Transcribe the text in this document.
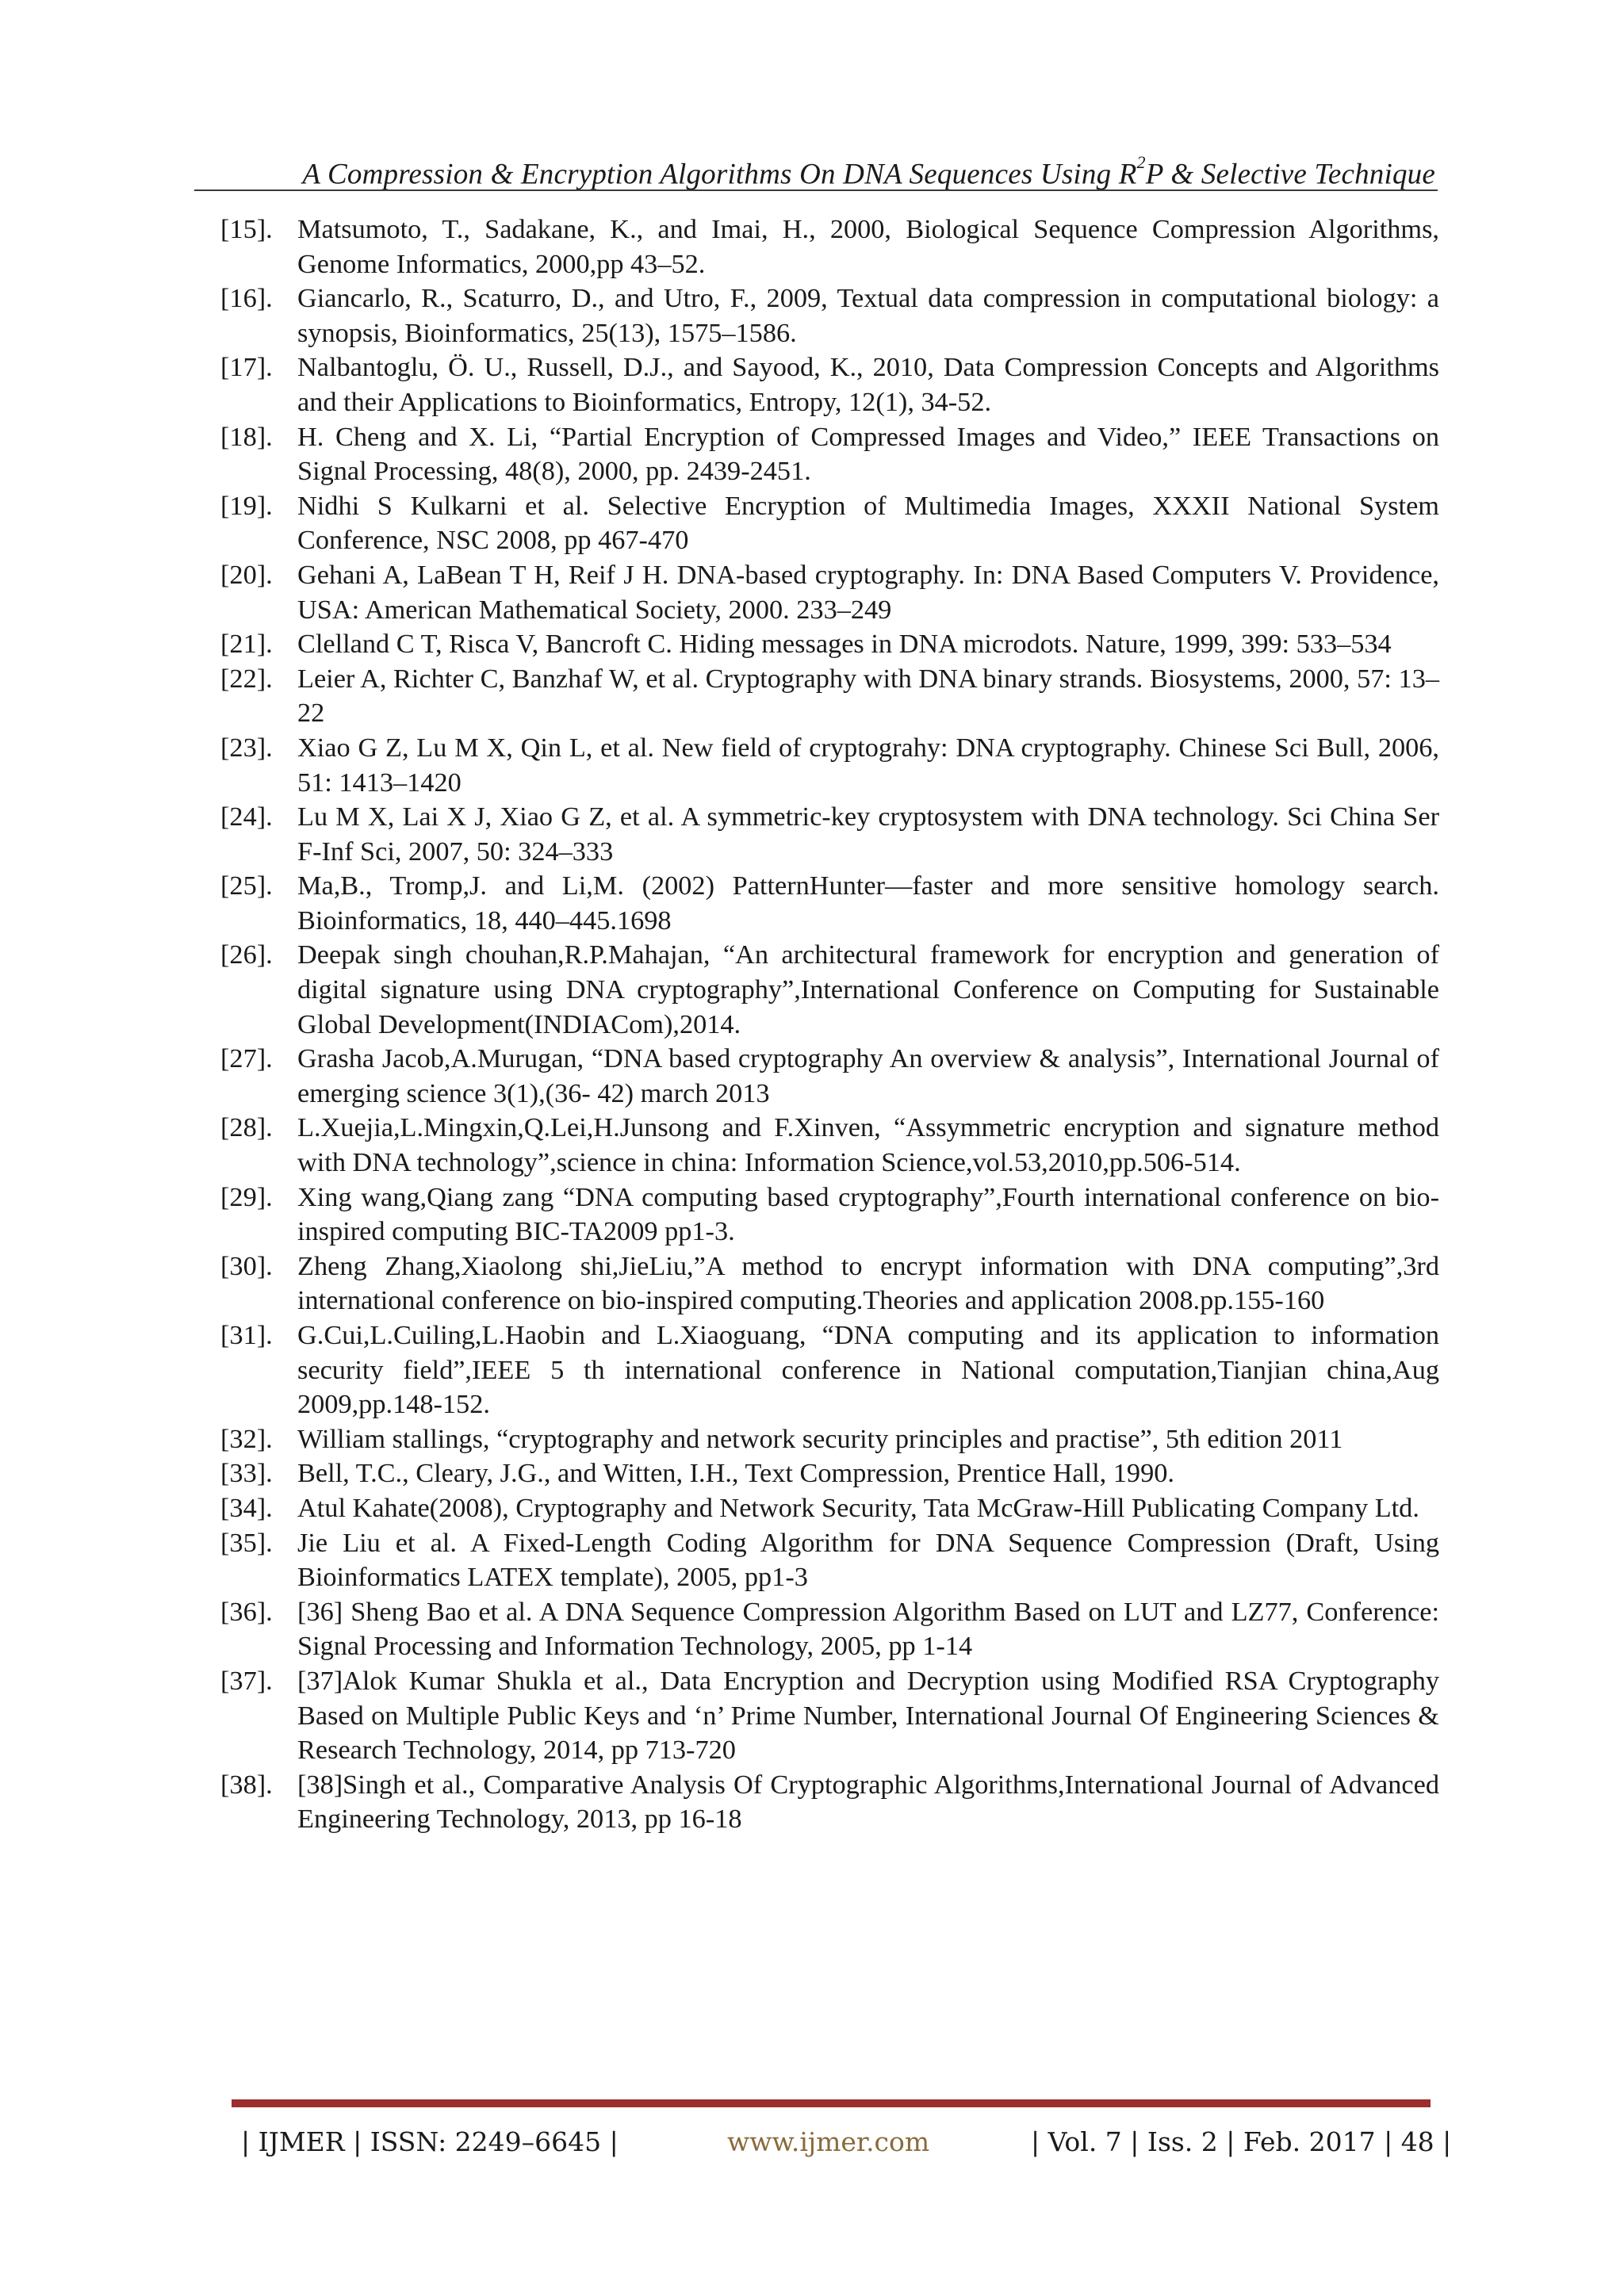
A Compression & Encryption Algorithms On DNA Sequences Using $R^2P$ & Selective Technique
[15]. Matsumoto, T., Sadakane, K., and Imai, H., 2000, Biological Sequence Compression Algorithms, Genome Informatics, 2000,pp 43–52.
[16]. Giancarlo, R., Scaturro, D., and Utro, F., 2009, Textual data compression in computational biology: a synopsis, Bioinformatics, 25(13), 1575–1586.
[17]. Nalbantoglu, Ö. U., Russell, D.J., and Sayood, K., 2010, Data Compression Concepts and Algorithms and their Applications to Bioinformatics, Entropy, 12(1), 34-52.
[18]. H. Cheng and X. Li, “Partial Encryption of Compressed Images and Video,” IEEE Transactions on Signal Processing, 48(8), 2000, pp. 2439-2451.
[19]. Nidhi S Kulkarni et al. Selective Encryption of Multimedia Images, XXXII National System Conference, NSC 2008, pp 467-470
[20]. Gehani A, LaBean T H, Reif J H. DNA-based cryptography. In: DNA Based Computers V. Providence, USA: American Mathematical Society, 2000. 233–249
[21]. Clelland C T, Risca V, Bancroft C. Hiding messages in DNA microdots. Nature, 1999, 399: 533–534
[22]. Leier A, Richter C, Banzhaf W, et al. Cryptography with DNA binary strands. Biosystems, 2000, 57: 13–22
[23]. Xiao G Z, Lu M X, Qin L, et al. New field of cryptograhy: DNA cryptography. Chinese Sci Bull, 2006, 51: 1413–1420
[24]. Lu M X, Lai X J, Xiao G Z, et al. A symmetric-key cryptosystem with DNA technology. Sci China Ser F-Inf Sci, 2007, 50: 324–333
[25]. Ma,B., Tromp,J. and Li,M. (2002) PatternHunter—faster and more sensitive homology search. Bioinformatics, 18, 440–445.1698
[26]. Deepak singh chouhan,R.P.Mahajan, “An architectural framework for encryption and generation of digital signature using DNA cryptography”,International Conference on Computing for Sustainable Global Development(INDIACom),2014.
[27]. Grasha Jacob,A.Murugan, “DNA based cryptography An overview & analysis”, International Journal of emerging science 3(1),(36- 42) march 2013
[28]. L.Xuejia,L.Mingxin,Q.Lei,H.Junsong and F.Xinven, “Assymmetric encryption and signature method with DNA technology”,science in china: Information Science,vol.53,2010,pp.506-514.
[29]. Xing wang,Qiang zang “DNA computing based cryptography”,Fourth international conference on bio-inspired computing BIC-TA2009 pp1-3.
[30]. Zheng Zhang,Xiaolong shi,JieLiu,”A method to encrypt information with DNA computing”,3rd international conference on bio-inspired computing.Theories and application 2008.pp.155-160
[31]. G.Cui,L.Cuiling,L.Haobin and L.Xiaoguang, “DNA computing and its application to information security field”,IEEE 5 th international conference in National computation,Tianjian china,Aug 2009,pp.148-152.
[32]. William stallings, “cryptography and network security principles and practise”, 5th edition 2011
[33]. Bell, T.C., Cleary, J.G., and Witten, I.H., Text Compression, Prentice Hall, 1990.
[34]. Atul Kahate(2008), Cryptography and Network Security, Tata McGraw-Hill Publicating Company Ltd.
[35]. Jie Liu et al. A Fixed-Length Coding Algorithm for DNA Sequence Compression (Draft, Using Bioinformatics LATEX template), 2005, pp1-3
[36]. [36] Sheng Bao et al. A DNA Sequence Compression Algorithm Based on LUT and LZ77, Conference: Signal Processing and Information Technology, 2005, pp 1-14
[37]. [37]Alok Kumar Shukla et al., Data Encryption and Decryption using Modified RSA Cryptography Based on Multiple Public Keys and ‘n’ Prime Number, International Journal Of Engineering Sciences & Research Technology, 2014, pp 713-720
[38]. [38]Singh et al., Comparative Analysis Of Cryptographic Algorithms,International Journal of Advanced Engineering Technology, 2013, pp 16-18
| IJMER | ISSN: 2249–6645 |	www.ijmer.com	| Vol. 7 | Iss. 2 | Feb. 2017 | 48 |
